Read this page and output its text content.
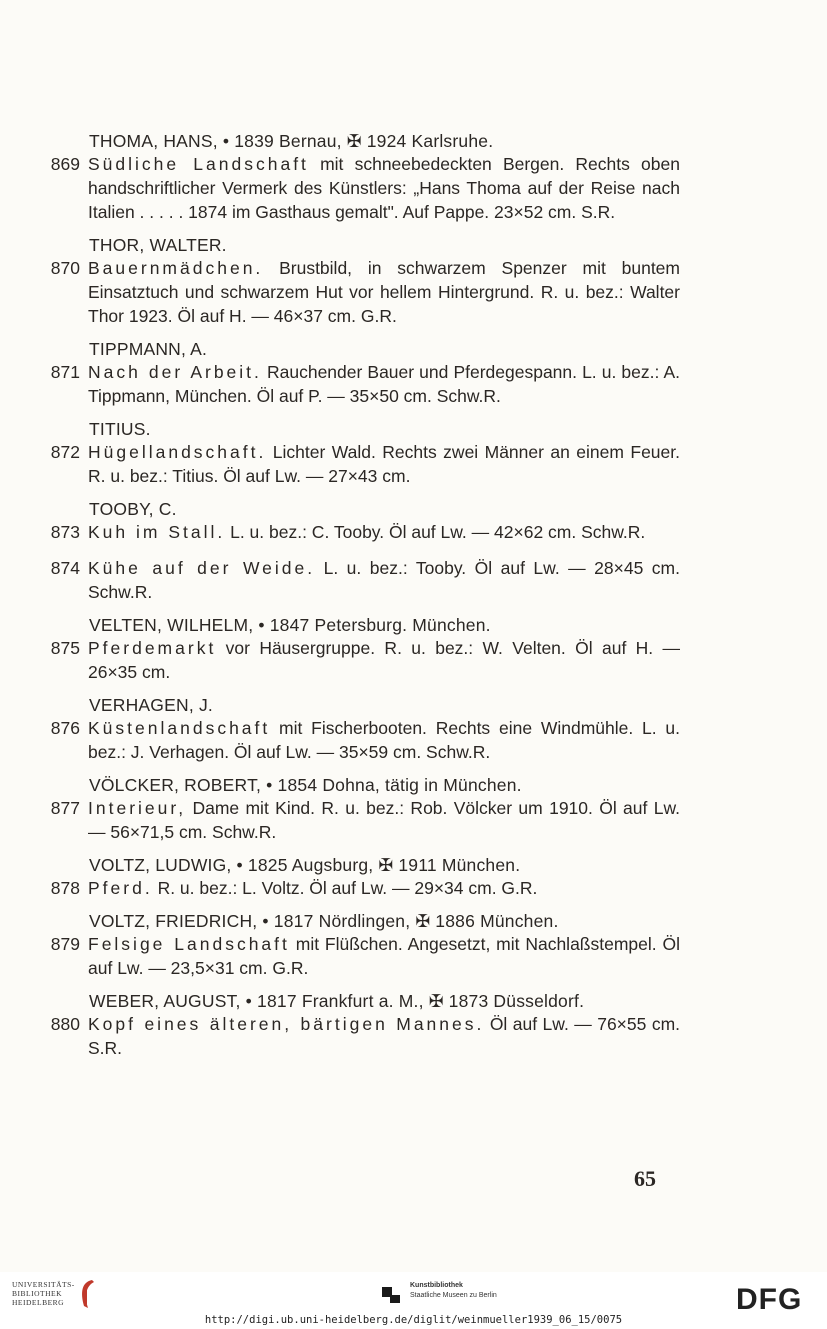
THOMA, HANS, • 1839 Bernau, ✠ 1924 Karlsruhe.
869 Südliche Landschaft mit schneebedeckten Bergen. Rechts oben handschriftlicher Vermerk des Künstlers: „Hans Thoma auf der Reise nach Italien . . . . . 1874 im Gasthaus gemalt". Auf Pappe. 23×52 cm. S.R.
THOR, WALTER.
870 Bauernmädchen. Brustbild, in schwarzem Spenzer mit buntem Einsatztuch und schwarzem Hut vor hellem Hintergrund. R. u. bez.: Walter Thor 1923. Öl auf H. — 46×37 cm. G.R.
TIPPMANN, A.
871 Nach der Arbeit. Rauchender Bauer und Pferdegespann. L. u. bez.: A. Tippmann, München. Öl auf P. — 35×50 cm. Schw.R.
TITIUS.
872 Hügellandschaft. Lichter Wald. Rechts zwei Männer an einem Feuer. R. u. bez.: Titius. Öl auf Lw. — 27×43 cm.
TOOBY, C.
873 Kuh im Stall. L. u. bez.: C. Tooby. Öl auf Lw. — 42×62 cm. Schw.R.
874 Kühe auf der Weide. L. u. bez.: Tooby. Öl auf Lw. — 28×45 cm. Schw.R.
VELTEN, WILHELM, • 1847 Petersburg. München.
875 Pferdemarkt vor Häusergruppe. R. u. bez.: W. Velten. Öl auf H. — 26×35 cm.
VERHAGEN, J.
876 Küstenlandschaft mit Fischerbooten. Rechts eine Windmühle. L. u. bez.: J. Verhagen. Öl auf Lw. — 35×59 cm. Schw.R.
VÖLCKER, ROBERT, • 1854 Dohna, tätig in München.
877 Interieur, Dame mit Kind. R. u. bez.: Rob. Völcker um 1910. Öl auf Lw. — 56×71,5 cm. Schw.R.
VOLTZ, LUDWIG, • 1825 Augsburg, ✠ 1911 München.
878 Pferd. R. u. bez.: L. Voltz. Öl auf Lw. — 29×34 cm. G.R.
VOLTZ, FRIEDRICH, • 1817 Nördlingen, ✠ 1886 München.
879 Felsige Landschaft mit Flüßchen. Angesetzt, mit Nachlaßstempel. Öl auf Lw. — 23,5×31 cm. G.R.
WEBER, AUGUST, • 1817 Frankfurt a. M., ✠ 1873 Düsseldorf.
880 Kopf eines älteren, bärtigen Mannes. Öl auf Lw. — 76×55 cm. S.R.
65
UNIVERSITÄTS-
BIBLIOTHEK
HEIDELBERG
Kunstbibliothek
Staatliche Museen zu Berlin	DFG
http://digi.ub.uni-heidelberg.de/diglit/weinmueller1939_06_15/0075
